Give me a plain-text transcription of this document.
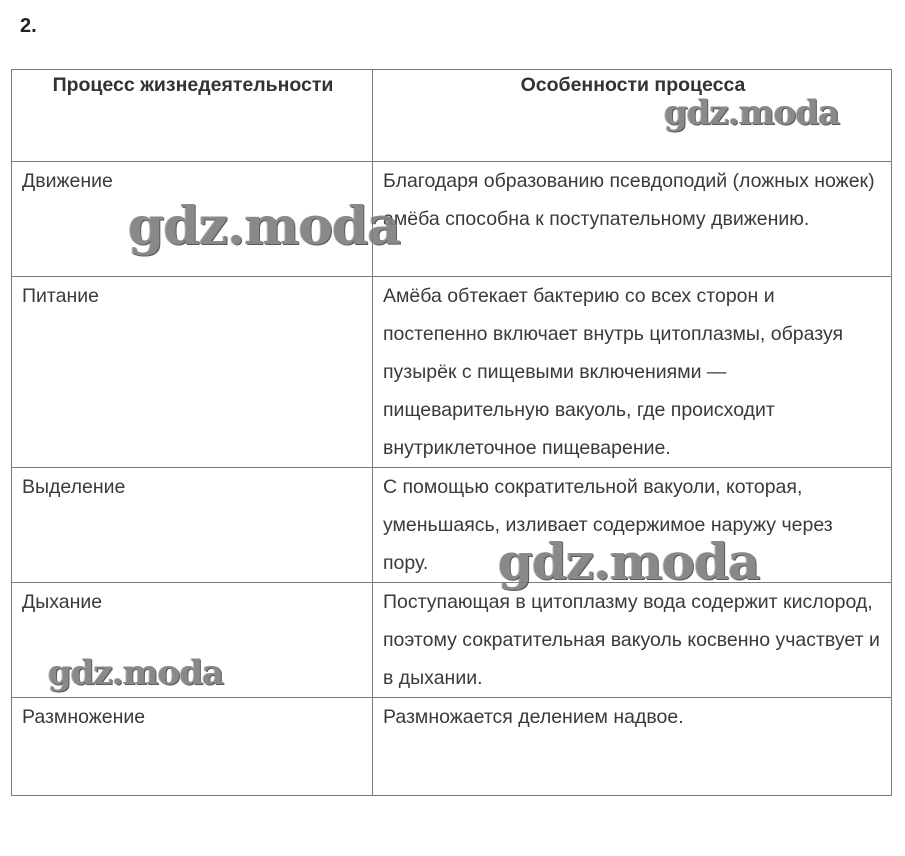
2.
Процесс жизнедеятельности	Особенности процесса
Движение	Благодаря образованию псевдоподий (ложных ножек) амёба способна к поступательному движению.
Питание	Амёба обтекает бактерию со всех сторон и постепенно включает внутрь цитоплазмы, образуя пузырёк с пищевыми включениями — пищеварительную вакуоль, где происходит внутриклеточное пищеварение.
Выделение	С помощью сократительной вакуоли, которая, уменьшаясь, изливает содержимое наружу через пору.
Дыхание	Поступающая в цитоплазму вода содержит кислород, поэтому сократительная вакуоль косвенно участвует и в дыхании.
Размножение	Размножается делением надвое.
gdz.moda
gdz.moda
gdz.moda
gdz.moda
